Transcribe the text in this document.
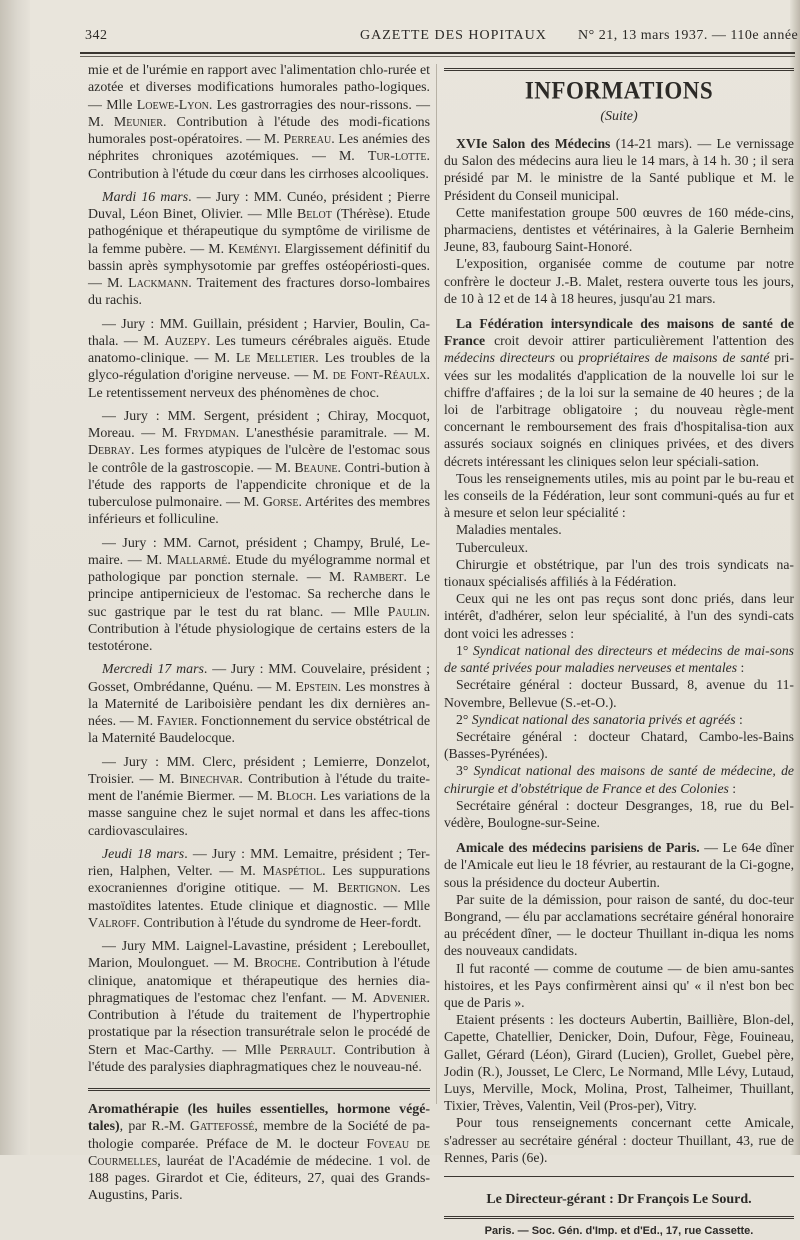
342	GAZETTE DES HOPITAUX N° 21, 13 mars 1937. — 110e année

mie et de l'urémie en rapport avec l'alimentation chlo-rurée et azotée et diverses modifications humorales patho-logiques. — Mlle Loewe-Lyon. Les gastrorragies des nour-rissons. — M. Meunier. Contribution à l'étude des modi-fications humorales post-opératoires. — M. Perreau. Les anémies des néphrites chroniques azotémiques. — M. Tur-lotte. Contribution à l'étude du cœur dans les cirrhoses alcooliques.

Mardi 16 mars. — Jury : MM. Cunéo, président ; Pierre Duval, Léon Binet, Olivier. — Mlle Belot (Thérèse). Etude pathogénique et thérapeutique du symptôme de virilisme de la femme pubère. — M. Keményi. Elargissement définitif du bassin après symphysotomie par greffes ostéopériosti-ques. — M. Lackmann. Traitement des fractures dorso-lombaires du rachis.

— Jury : MM. Guillain, président ; Harvier, Boulin, Ca-thala. — M. Auzepy. Les tumeurs cérébrales aiguës. Etude anatomo-clinique. — M. Le Melletier. Les troubles de la glyco-régulation d'origine nerveuse. — M. de Font-Réaulx. Le retentissement nerveux des phénomènes de choc.

— Jury : MM. Sergent, président ; Chiray, Mocquot, Moreau. — M. Frydman. L'anesthésie paramitrale. — M. Debray. Les formes atypiques de l'ulcère de l'estomac sous le contrôle de la gastroscopie. — M. Beaune. Contri-bution à l'étude des rapports de l'appendicite chronique et de la tuberculose pulmonaire. — M. Gorse. Artérites des membres inférieurs et folliculine.

— Jury : MM. Carnot, président ; Champy, Brulé, Le-maire. — M. Mallarmé. Etude du myélogramme normal et pathologique par ponction sternale. — M. Rambert. Le principe antipernicieux de l'estomac. Sa recherche dans le suc gastrique par le test du rat blanc. — Mlle Paulin. Contribution à l'étude physiologique de certains esters de la testotérone.

Mercredi 17 mars. — Jury : MM. Couvelaire, président ; Gosset, Ombrédanne, Quénu. — M. Epstein. Les monstres à la Maternité de Lariboisière pendant les dix dernières an-nées. — M. Fayier. Fonctionnement du service obstétrical de la Maternité Baudelocque.

— Jury : MM. Clerc, président ; Lemierre, Donzelot, Troisier. — M. Binechvar. Contribution à l'étude du traite-ment de l'anémie Biermer. — M. Bloch. Les variations de la masse sanguine chez le sujet normal et dans les affec-tions cardiovasculaires.

Jeudi 18 mars. — Jury : MM. Lemaitre, président ; Ter-rien, Halphen, Velter. — M. Maspétiol. Les suppurations exocraniennes d'origine otitique. — M. Bertignon. Les mastoïdites latentes. Etude clinique et diagnostic. — Mlle Valroff. Contribution à l'étude du syndrome de Heer-fordt.

— Jury MM. Laignel-Lavastine, président ; Lereboullet, Marion, Moulonguet. — M. Broche. Contribution à l'étude clinique, anatomique et thérapeutique des hernies dia-phragmatiques de l'estomac chez l'enfant. — M. Advenier. Contribution à l'étude du traitement de l'hypertrophie prostatique par la résection transurétrale selon le procédé de Stern et Mac-Carthy. — Mlle Perrault. Contribution à l'étude des paralysies diaphragmatiques chez le nouveau-né.

Aromathérapie (les huiles essentielles, hormone végé-tales), par R.-M. Gattefossé, membre de la Société de pa-thologie comparée. Préface de M. le docteur Foveau de Courmelles, lauréat de l'Académie de médecine. 1 vol. de 188 pages. Girardot et Cie, éditeurs, 27, quai des Grands-Augustins, Paris.

INFORMATIONS
(Suite)

XVIe Salon des Médecins (14-21 mars). — Le vernissage du Salon des médecins aura lieu le 14 mars, à 14 h. 30 ; il sera présidé par M. le ministre de la Santé publique et M. le Président du Conseil municipal.

Cette manifestation groupe 500 œuvres de 160 méde-cins, pharmaciens, dentistes et vétérinaires, à la Galerie Bernheim Jeune, 83, faubourg Saint-Honoré.

L'exposition, organisée comme de coutume par notre confrère le docteur J.-B. Malet, restera ouverte tous les jours, de 10 à 12 et de 14 à 18 heures, jusqu'au 21 mars.

La Fédération intersyndicale des maisons de santé de France croit devoir attirer particulièrement l'attention des médecins directeurs ou propriétaires de maisons de santé pri-vées sur les modalités d'application de la nouvelle loi sur le chiffre d'affaires ; de la loi sur la semaine de 40 heures ; de la loi de l'arbitrage obligatoire ; du nouveau règle-ment concernant le remboursement des frais d'hospitalisa-tion aux assurés sociaux soignés en cliniques privées, et des divers décrets intéressant les cliniques selon leur spéciali-sation.

Tous les renseignements utiles, mis au point par le bu-reau et les conseils de la Fédération, leur sont communi-qués au fur et à mesure et selon leur spécialité :

Maladies mentales.

Tuberculeux.

Chirurgie et obstétrique, par l'un des trois syndicats na-tionaux spécialisés affiliés à la Fédération.

Ceux qui ne les ont pas reçus sont donc priés, dans leur intérêt, d'adhérer, selon leur spécialité, à l'un des syndi-cats dont voici les adresses :

1° Syndicat national des directeurs et médecins de mai-sons de santé privées pour maladies nerveuses et mentales :

Secrétaire général : docteur Bussard, 8, avenue du 11-Novembre, Bellevue (S.-et-O.).

2° Syndicat national des sanatoria privés et agréés :

Secrétaire général : docteur Chatard, Cambo-les-Bains (Basses-Pyrénées).

3° Syndicat national des maisons de santé de médecine, de chirurgie et d'obstétrique de France et des Colonies :

Secrétaire général : docteur Desgranges, 18, rue du Bel-védère, Boulogne-sur-Seine.

Amicale des médecins parisiens de Paris. — Le 64e dîner de l'Amicale eut lieu le 18 février, au restaurant de la Ci-gogne, sous la présidence du docteur Aubertin.

Par suite de la démission, pour raison de santé, du doc-teur Bongrand, — élu par acclamations secrétaire général honoraire au précédent dîner, — le docteur Thuillant in-diqua les noms des nouveaux candidats.

Il fut raconté — comme de coutume — de bien amu-santes histoires, et les Pays confirmèrent ainsi qu' « il n'est bon bec que de Paris ».

Etaient présents : les docteurs Aubertin, Baillière, Blon-del, Capette, Chatellier, Denicker, Doin, Dufour, Fège, Fouineau, Gallet, Gérard (Léon), Girard (Lucien), Grollet, Guebel père, Jodin (R.), Jousset, Le Clerc, Le Normand, Mlle Lévy, Lutaud, Luys, Merville, Mock, Molina, Prost, Talheimer, Thuillant, Tixier, Trèves, Valentin, Veil (Pros-per), Vitry.

Pour tous renseignements concernant cette Amicale, s'adresser au secrétaire général : docteur Thuillant, 43, rue de Rennes, Paris (6e).

Le Directeur-gérant : Dr François Le Sourd.

Paris. — Soc. Gén. d'Imp. et d'Ed., 17, rue Cassette.
